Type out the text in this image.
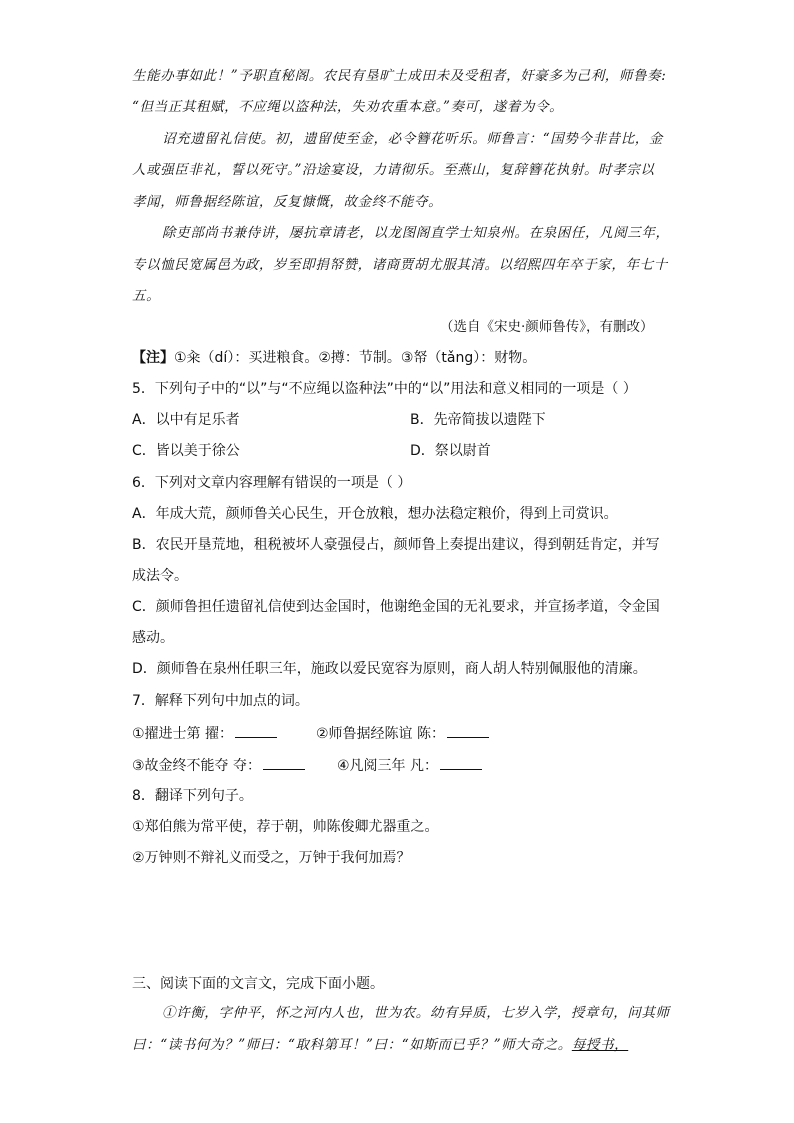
生能办事如此！”予职直秘阁。农民有垦旷土成田未及受租者，奸豪多为己利，师鲁奏:
“但当正其租赋，不应绳以盗种法，失劝农重本意。”奏可，遂着为令。
诏充遗留礼信使。初，遗留使至金，必令簪花听乐。师鲁言：“国势今非昔比，金
人或强臣非礼，誓以死守。”沿途宴设，力请彻乐。至燕山，复辞簪花执射。时孝宗以
孝闻，师鲁据经陈谊，反复慷慨，故金终不能夺。
除吏部尚书兼侍讲，屡抗章请老，以龙图阁直学士知泉州。在泉困任，凡阅三年，
专以恤民宽属邑为政，岁至即捐帑赞，诸商贾胡尤服其清。以绍熙四年卒于家，年七十
五。
（选自《宋史·颜师鲁传》，有删改）
【注】①籴（dí）：买进粮食。②撙：节制。③帑（tǎng）：财物。
5．下列句子中的“以”与“不应绳以盗种法”中的“以”用法和意义相同的一项是（ ）
A．以中有足乐者	B．先帝简拔以遗陛下
C．皆以美于徐公	D．祭以尉首
6．下列对文章内容理解有错误的一项是（ ）
A．年成大荒，颜师鲁关心民生，开仓放粮，想办法稳定粮价，得到上司赏识。
B．农民开垦荒地，租税被坏人豪强侵占，颜师鲁上奏提出建议，得到朝廷肯定，并写
成法令。
C．颜师鲁担任遗留礼信使到达金国时，他谢绝金国的无礼要求，并宣扬孝道，令金国
感动。
D．颜师鲁在泉州任职三年，施政以爱民宽容为原则，商人胡人特别佩服他的清廉。
7．解释下列句中加点的词。
①擢进士第 擢：	②师鲁据经陈谊 陈：
③故金终不能夺 夺：	④凡阅三年 凡：
8．翻译下列句子。
①郑伯熊为常平使，荐于朝，帅陈俊卿尤器重之。
②万钟则不辩礼义而受之，万钟于我何加焉？
三、阅读下面的文言文，完成下面小题。
①许衡，字仲平，怀之河内人也，世为农。幼有异质，七岁入学，授章句，问其师
曰：“读书何为？”师曰：“取科第耳！”曰：“如斯而已乎？”师大奇之。每授书，
